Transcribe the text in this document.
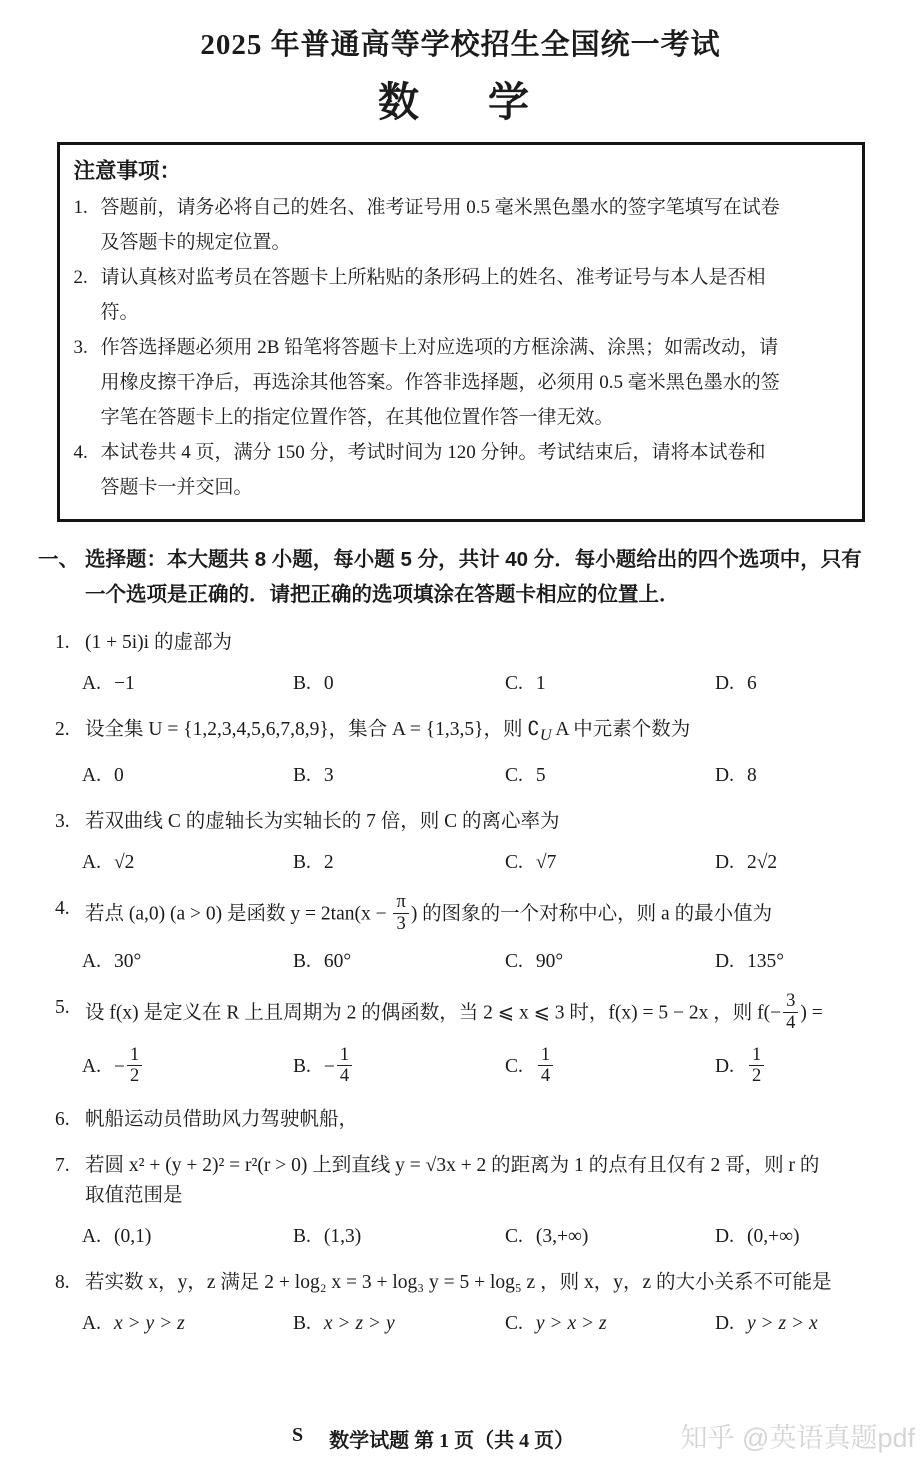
2025 年普通高等学校招生全国统一考试
数　学
注意事项：
1. 答题前，请务必将自己的姓名、准考证号用 0.5 毫米黑色墨水的签字笔填写在试卷
及答题卡的规定位置。
2. 请认真核对监考员在答题卡上所粘贴的条形码上的姓名、准考证号与本人是否相
符。
3. 作答选择题必须用 2B 铅笔将答题卡上对应选项的方框涂满、涂黑；如需改动，请
用橡皮擦干净后，再选涂其他答案。作答非选择题，必须用 0.5 毫米黑色墨水的签
字笔在答题卡上的指定位置作答，在其他位置作答一律无效。
4. 本试卷共 4 页，满分 150 分，考试时间为 120 分钟。考试结束后，请将本试卷和
答题卡一并交回。
一、 选择题：本大题共 8 小题，每小题 5 分，共计 40 分．每小题给出的四个选项中，只有
一个选项是正确的．请把正确的选项填涂在答题卡相应的位置上．
1. (1 + 5i)i 的虚部为
A. −1	B. 0	C. 1	D. 6
2. 设全集 U = {1,2,3,4,5,6,7,8,9}，集合 A = {1,3,5}，则 $∁_U$ A 中元素个数为
A. 0	B. 3	C. 5	D. 8
3. 若双曲线 C 的虚轴长为实轴长的 7 倍，则 C 的离心率为
A. √2	B. 2	C. √7	D. 2√2
4. 若点 (a,0) (a > 0) 是函数 $y = 2\tan(x - \frac{\pi}{3}$ ) 的图象的一个对称中心，则 a 的最小值为
A. 30°	B. 60°	C. 90°	D. 135°
5. 设 f(x) 是定义在 R 上且周期为 2 的偶函数，当 2 ⩽ x ⩽ 3 时，f(x) = 5 − 2x ，则 $f(- \frac{3}{4}$ ) =
A. − $\frac{1}{2}$	B. − $\frac{1}{4}$	C. $\frac{1}{4}$	D. $\frac{1}{2}$
6. 帆船运动员借助风力驾驶帆船，
7. 若圆 x² + (y + 2)² = r²(r > 0) 上到直线 y = √3x + 2 的距离为 1 的点有且仅有 2 哥，则 r 的
取值范围是
A. (0,1)	B. (1,3)	C. (3,+∞)	D. (0,+∞)
8. 若实数 x，y，z 满足 2 + log₂ x = 3 + log₃ y = 5 + log₅ z ，则 x，y，z 的大小关系不可能是
A. x > y > z	B. x > z > y	C. y > x > z	D. y > z > x
S 数学试题 第 1 页（共 4 页）	知乎 @英语真题pdf
